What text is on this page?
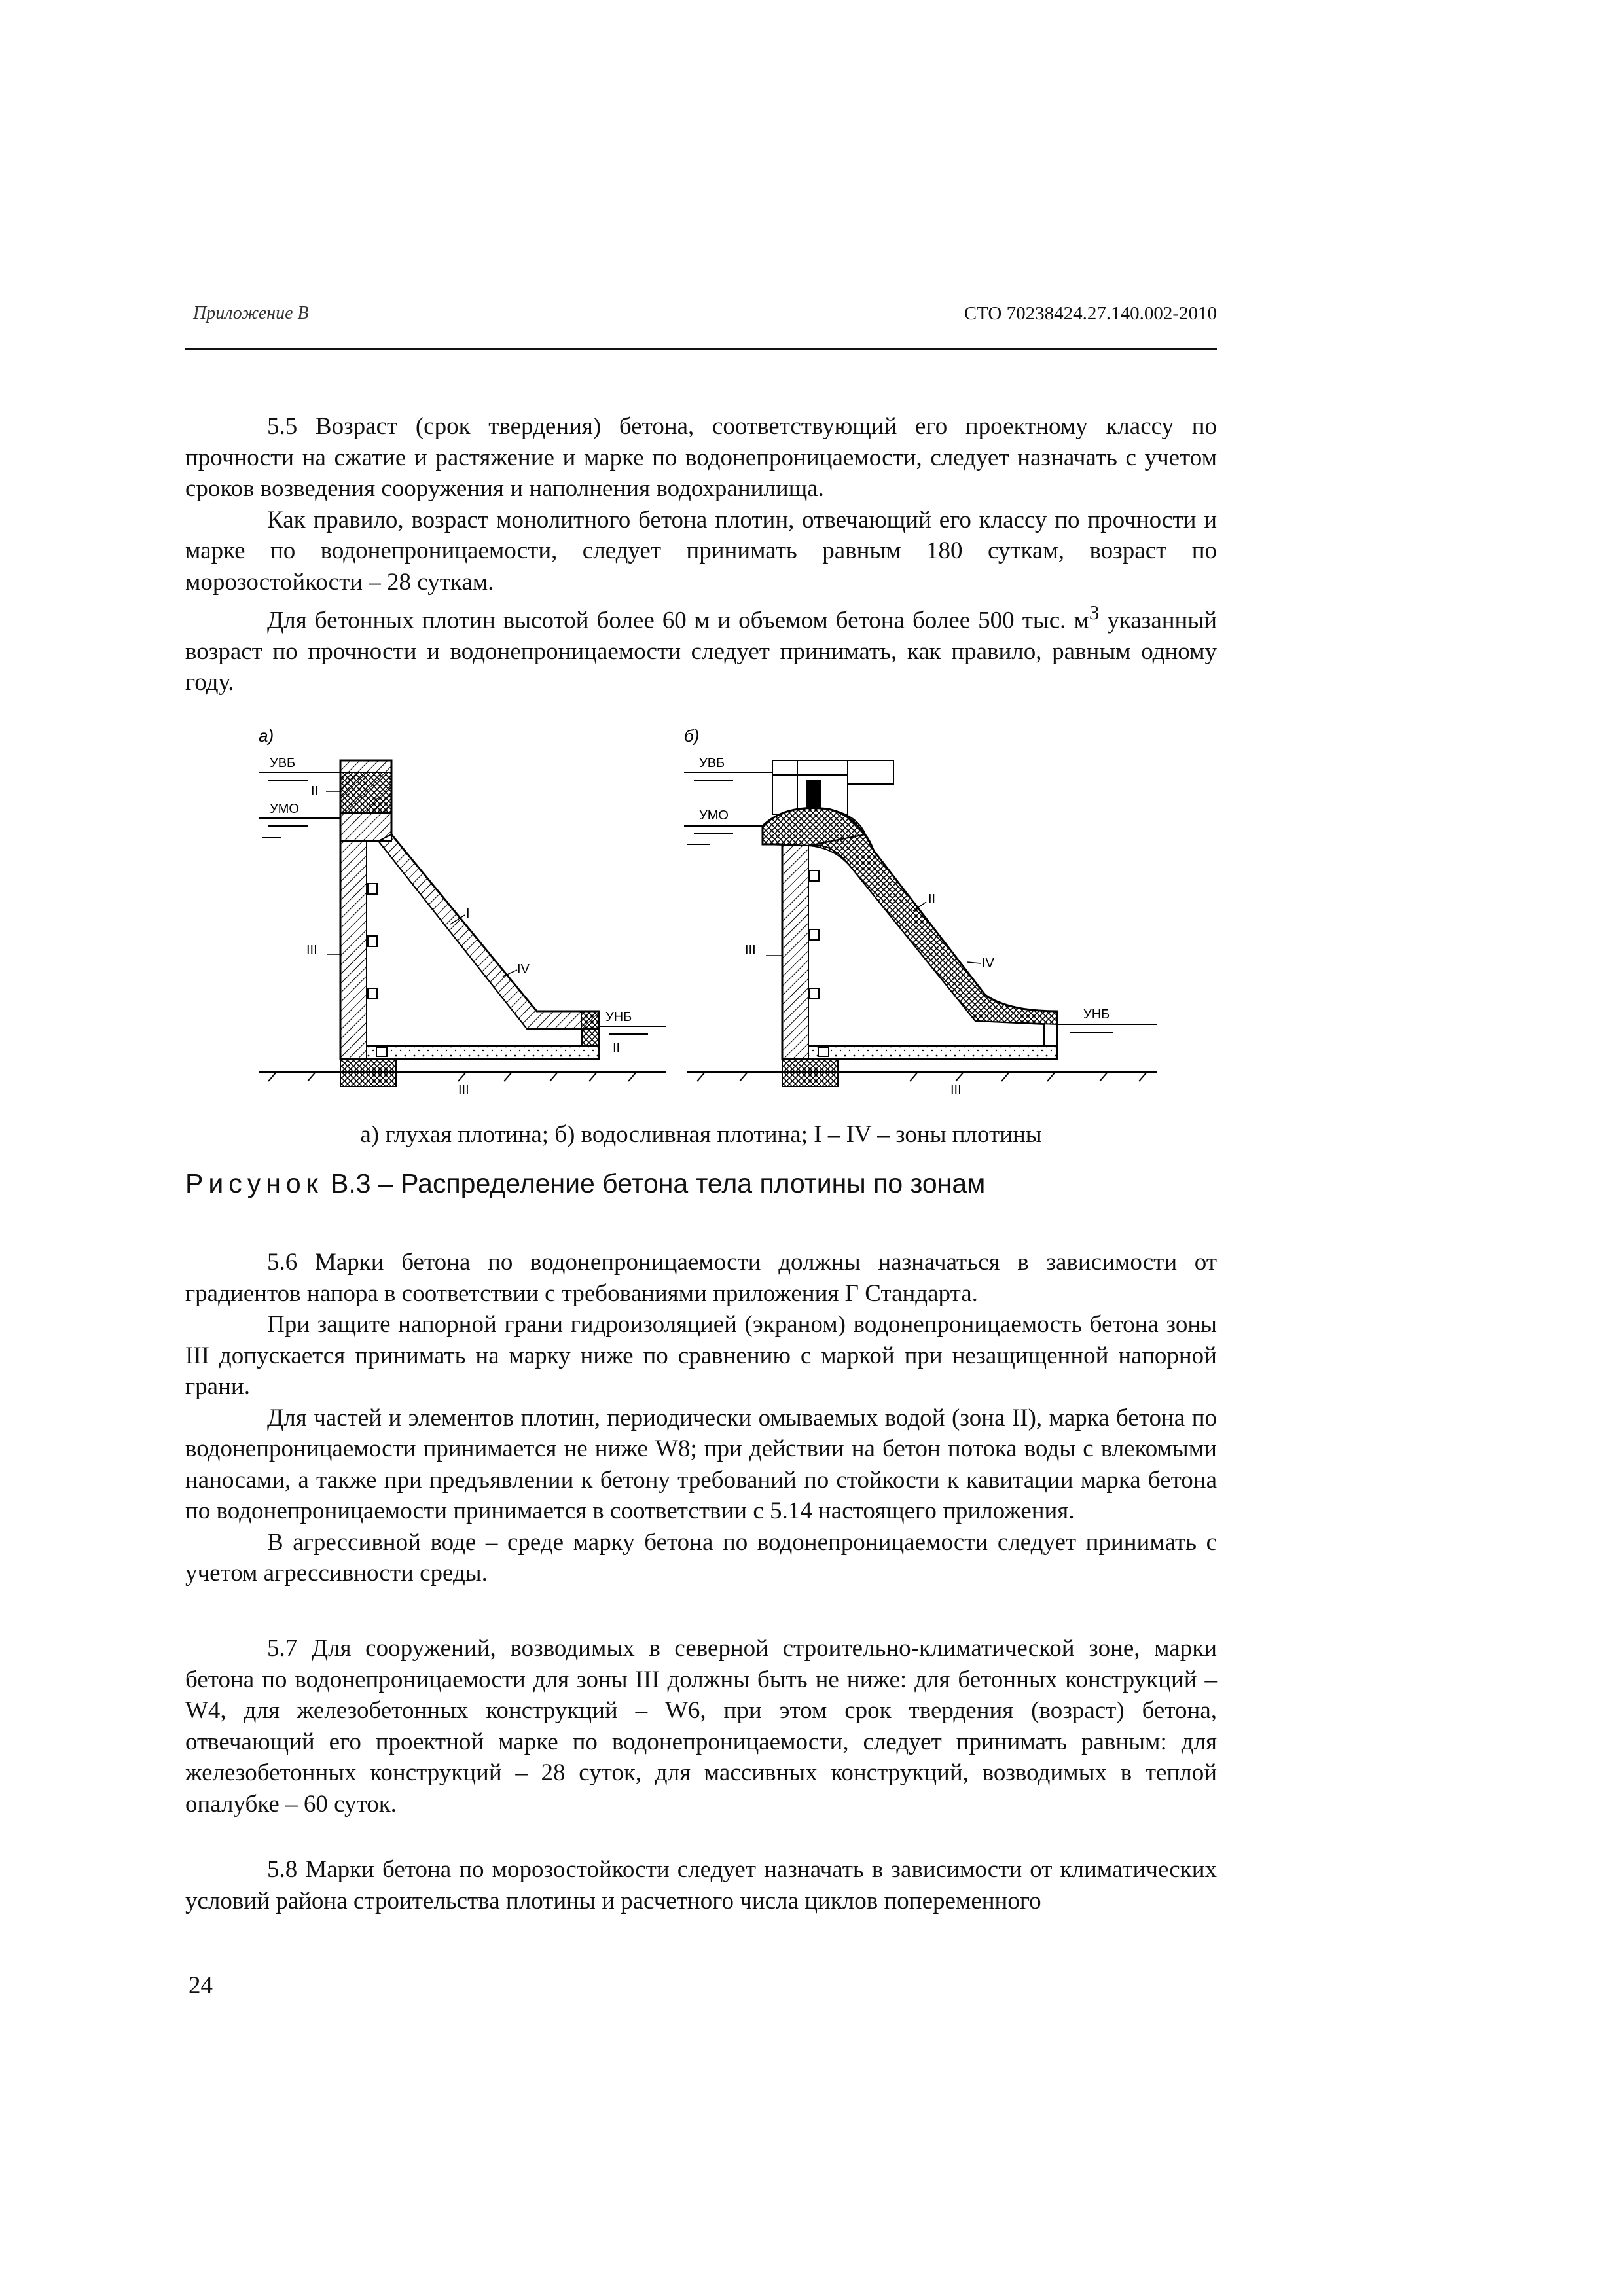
Приложение В	СТО 70238424.27.140.002-2010

5.5 Возраст (срок твердения) бетона, соответствующий его проектному классу по прочности на сжатие и растяжение и марке по водонепроницаемости, следует назначать с учетом сроков возведения сооружения и наполнения водохранилища.

Как правило, возраст монолитного бетона плотин, отвечающий его классу по прочности и марке по водонепроницаемости, следует принимать равным 180 суткам, возраст по морозостойкости – 28 суткам.

Для бетонных плотин высотой более 60 м и объемом бетона более 500 тыс. $м^3$ указанный возраст по прочности и водонепроницаемости следует принимать, как правило, равным одному году.

а)
УВБ
УМО
УНБ
II
I
III
IV
II
III
б)
УВБ
УМО
УНБ
II
III
IV
III
а) глухая плотина; б) водосливная плотина; I – IV – зоны плотины
Рисунок В.3 – Распределение бетона тела плотины по зонам

5.6 Марки бетона по водонепроницаемости должны назначаться в зависимости от градиентов напора в соответствии с требованиями приложения Г Стандарта.

При защите напорной грани гидроизоляцией (экраном) водонепроницаемость бетона зоны III допускается принимать на марку ниже по сравнению с маркой при незащищенной напорной грани.

Для частей и элементов плотин, периодически омываемых водой (зона II), марка бетона по водонепроницаемости принимается не ниже W8; при действии на бетон потока воды с влекомыми наносами, а также при предъявлении к бетону требований по стойкости к кавитации марка бетона по водонепроницаемости принимается в соответствии с 5.14 настоящего приложения.

В агрессивной воде – среде марку бетона по водонепроницаемости следует принимать с учетом агрессивности среды.

5.7 Для сооружений, возводимых в северной строительно-климатической зоне, марки бетона по водонепроницаемости для зоны III должны быть не ниже: для бетонных конструкций – W4, для железобетонных конструкций – W6, при этом срок твердения (возраст) бетона, отвечающий его проектной марке по водонепроницаемости, следует принимать равным: для железобетонных конструкций – 28 суток, для массивных конструкций, возводимых в теплой опалубке – 60 суток.

5.8 Марки бетона по морозостойкости следует назначать в зависимости от климатических условий района строительства плотины и расчетного числа циклов попеременного

24
